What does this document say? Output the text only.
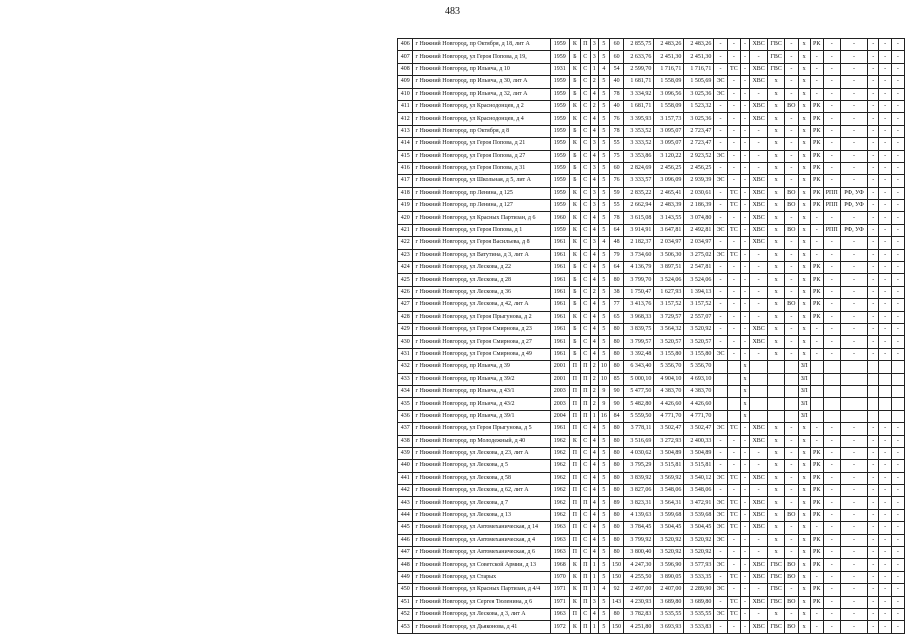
483
406	г Нижний Новгород, пр Октября, д 18, лит А	1959	К	П	3	5	60	2 855,75	2 483,26	2 483,26	-	-	-	ХВС	ГВС	-	х	РК	-	-	-	-	-
407	г Нижний Новгород, ул Героя Попова, д 19,	1959	Б	С	3	5	60	2 633,76	2 451,30	2 451,30	-	-	-	-	ГВС	-	х	-	-	-	-	-	-
408	г Нижний Новгород, пр Ильича, д 10	1931	К	С	1	4	54	2 599,70	1 716,71	1 716,71	-	ТС	-	ХВС	ГВС	-	х	-	-	-	-	-	-
409	г Нижний Новгород, пр Ильича, д 30, лит А	1959	Б	С	2	5	40	1 681,71	1 558,09	1 505,69	ЭС	-	-	ХВС	х	-	х	-	-	-	-	-	-
410	г Нижний Новгород, пр Ильича, д 32, лит А	1959	Б	С	4	5	78	3 334,92	3 096,56	3 025,36	ЭС	-	-	-	х	-	х	-	-	-	-	-	-
411	г Нижний Новгород, ул Краснодонцев, д 2	1959	К	С	2	5	40	1 681,71	1 558,09	1 523,32	-	-	-	ХВС	х	ВО	х	РК	-	-	-	-	-
412	г Нижний Новгород, ул Краснодонцев, д 4	1959	К	С	4	5	76	3 395,93	3 157,73	3 025,36	-	-	-	ХВС	х	-	х	РК	-	-	-	-	-
413	г Нижний Новгород, пр Октября, д 8	1959	Б	С	4	5	78	3 353,52	3 095,07	2 723,47	-	-	-	-	х	-	х	РК	-	-	-	-	-
414	г Нижний Новгород, ул Героя Попова, д 21	1959	К	С	3	5	55	3 333,52	3 095,07	2 723,47	-	-	-	-	х	-	х	РК	-	-	-	-	-
415	г Нижний Новгород, ул Героя Попова, д 27	1959	Б	С	4	5	75	3 353,86	3 120,22	2 923,52	ЭС	-	-	-	х	-	х	РК	-	-	-	-	-
416	г Нижний Новгород, ул Героя Попова, д 31	1959	Б	С	3	5	60	2 824,69	2 456,25	2 456,25	-	-	-	-	х	-	х	РК	-	-	-	-	-
417	г Нижний Новгород, ул Школьная, д 5, лит А	1959	Б	С	4	5	76	3 333,57	3 096,09	2 939,39	ЭС	-	-	ХВС	х	-	х	РК	-	-	-	-	-
418	г Нижний Новгород, пр Ленина, д 125	1959	К	С	3	5	59	2 835,22	2 465,41	2 030,61	-	ТС	-	ХВС	х	ВО	х	РК	РПП	РФ, УФ	-	-	-
419	г Нижний Новгород, пр Ленина, д 127	1959	К	С	3	5	55	2 662,94	2 483,39	2 186,39	-	ТС	-	ХВС	х	ВО	х	РК	РПП	РФ, УФ	-	-	-
420	г Нижний Новгород, ул Красных Партизан, д 6	1960	К	С	4	5	78	3 615,08	3 143,55	3 074,80	-	-	-	ХВС	х	-	х	-	-	-	-	-	-
421	г Нижний Новгород, ул Героя Попова, д 1	1959	К	С	4	5	64	3 914,91	3 647,81	2 492,81	ЭС	ТС	-	ХВС	х	ВО	х	-	РПП	РФ, УФ	-	-	-
422	г Нижний Новгород, ул Героя Васильева, д 8	1961	К	С	3	4	48	2 182,37	2 034,97	2 034,97	-	-	-	ХВС	х	-	х	-	-	-	-	-	-
423	г Нижний Новгород, ул Ватутина, д 3, лит А	1961	К	С	4	5	79	3 734,60	3 506,30	3 275,02	ЭС	ТС	-	-	х	-	х	-	-	-	-	-	-
424	г Нижний Новгород, ул Лескова, д 22	1961	Б	С	4	5	64	4 136,79	3 897,51	2 547,81	-	-	-	-	х	-	х	РК	-	-	-	-	-
425	г Нижний Новгород, ул Лескова, д 28	1961	Б	С	4	5	80	3 799,70	3 524,06	3 524,06	-	-	-	-	х	-	х	РК	-	-	-	-	-
426	г Нижний Новгород, ул Лескова, д 36	1961	Б	С	2	5	38	1 750,47	1 627,93	1 394,13	-	-	-	-	х	-	х	РК	-	-	-	-	-
427	г Нижний Новгород, ул Лескова, д 42, лит А	1961	Б	С	4	5	77	3 413,76	3 157,52	3 157,52	-	-	-	-	х	ВО	х	РК	-	-	-	-	-
428	г Нижний Новгород, ул Героя Прыгунова, д 2	1961	К	С	4	5	65	3 968,33	3 729,57	2 557,07	-	-	-	-	х	-	х	РК	-	-	-	-	-
429	г Нижний Новгород, ул Героя Смирнова, д 23	1961	Б	С	4	5	80	3 839,75	3 564,32	3 520,92	-	-	-	ХВС	х	-	х	-	-	-	-	-	-
430	г Нижний Новгород, ул Героя Смирнова, д 27	1961	Б	С	4	5	80	3 799,57	3 520,57	3 520,57	-	-	-	ХВС	х	-	х	-	-	-	-	-	-
431	г Нижний Новгород, ул Героя Смирнова, д 49	1961	Б	С	4	5	80	3 392,48	3 155,80	3 155,80	ЭС	-	-	-	х	-	х	-	-	-	-	-	-
432	г Нижний Новгород, пр Ильича, д 39	2001	П	П	2	10	80	6 343,40	5 356,70	5 356,70			х				ЗЛ						
433	г Нижний Новгород, пр Ильича, д 39/2	2001	П	П	2	10	85	5 000,10	4 904,10	4 693,10			х				ЗЛ						
434	г Нижний Новгород, пр Ильича, д 43/1	2003	П	П	2	9	90	5 477,50	4 383,70	4 383,70			х				ЗЛ						
435	г Нижний Новгород, пр Ильича, д 43/2	2003	П	П	2	9	90	5 482,80	4 426,60	4 426,60			х				ЗЛ						
436	г Нижний Новгород, пр Ильича, д 39/1	2004	П	П	1	16	84	5 559,50	4 771,70	4 771,70			х				ЗЛ						
437	г Нижний Новгород, ул Героя Прыгунова, д 5	1961	П	С	4	5	80	3 778,11	3 502,47	3 502,47	ЭС	ТС	-	ХВС	х	-	х	-	-	-	-	-	-
438	г Нижний Новгород, пр Молодежный, д 40	1962	К	С	4	5	80	3 516,69	3 272,93	2 400,33	-	-	-	ХВС	х	-	х	-	-	-	-	-	-
439	г Нижний Новгород, ул Лескова, д 23, лит А	1962	П	С	4	5	80	4 030,62	3 504,89	3 504,89	-	-	-	-	х	-	х	РК	-	-	-	-	-
440	г Нижний Новгород, ул Лескова, д 5	1962	П	С	4	5	80	3 795,29	3 515,81	3 515,81	-	-	-	-	х	-	х	РК	-	-	-	-	-
441	г Нижний Новгород, ул Лескова, д 58	1962	П	С	4	5	80	3 839,92	3 569,92	3 540,12	ЭС	ТС	-	ХВС	х	-	х	РК	-	-	-	-	-
442	г Нижний Новгород, ул Лескова, д 62, лит А	1962	П	С	4	5	80	3 827,06	3 548,06	3 548,06	-	-	-	-	х	-	х	РК	-	-	-	-	-
443	г Нижний Новгород, ул Лескова, д 7	1962	П	П	4	5	89	3 823,31	3 564,31	3 472,91	ЭС	ТС	-	ХВС	х	-	х	РК	-	-	-	-	-
444	г Нижний Новгород, ул Лескова, д 13	1962	П	С	4	5	80	4 139,63	3 599,68	3 539,68	ЭС	ТС	-	ХВС	х	ВО	х	РК	-	-	-	-	-
445	г Нижний Новгород, ул Автомеханическая, д 14	1963	П	С	4	5	80	3 784,45	3 504,45	3 504,45	ЭС	ТС	-	ХВС	х	-	х	-	-	-	-	-	-
446	г Нижний Новгород, ул Автомеханическая, д 4	1963	П	С	4	5	80	3 799,92	3 520,92	3 520,92	ЭС	-	-	-	х	-	х	РК	-	-	-	-	-
447	г Нижний Новгород, ул Автомеханическая, д 6	1963	П	С	4	5	80	3 800,40	3 520,92	3 520,92	-	-	-	-	х	-	х	РК	-	-	-	-	-
448	г Нижний Новгород, ул Советской Армии, д 13	1968	К	П	1	5	150	4 247,30	3 596,90	3 577,93	ЭС	-	-	ХВС	ГВС	ВО	х	РК	-	-	-	-	-
449	г Нижний Новгород, ул Старых	1970	К	П	1	5	150	4 255,50	3 890,05	3 533,35	-	ТС	-	ХВС	ГВС	ВО	х	-	-	-	-	-	-
450	г Нижний Новгород, ул Красных Партизан, д 4/4	1971	К	П	1	4	92	2 497,00	2 407,00	2 289,90	ЭС	-	-	-	ГВС	-	х	РК	-	-	-	-	-
451	г Нижний Новгород, ул Сергея Тюленина, д 6	1971	К	П	3	5	143	4 230,93	3 689,80	3 689,80	-	ТС	-	ХВС	ГВС	ВО	х	РК	-	-	-	-	-
452	г Нижний Новгород, ул Лескова, д 3, лит А	1963	П	С	4	5	80	3 782,83	3 535,55	3 535,55	ЭС	ТС	-	-	х	-	х	-	-	-	-	-	-
453	г Нижний Новгород, ул Дьяконова, д 41	1972	К	П	1	5	150	4 251,80	3 693,93	3 533,83	-	-	-	ХВС	ГВС	ВО	х	-	-	-	-	-	-
